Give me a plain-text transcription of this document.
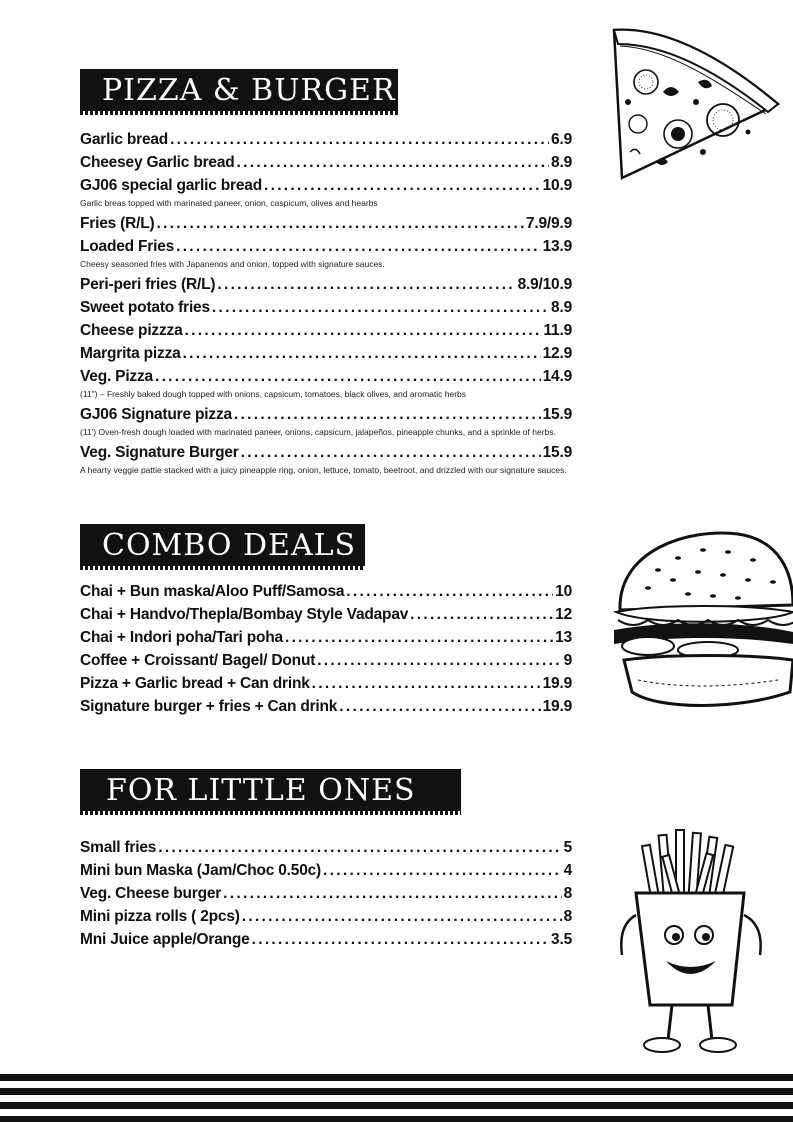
PIZZA & BURGER
Garlic bread . . .	6.9
Cheesey Garlic bread . . .	8.9
GJ06 special garlic bread . . .	10.9
Garlic breas topped with marinated paneer, onion, caspicum, olives and hearbs
Fries (R/L) . . .	7.9/9.9
Loaded Fries . . .	13.9
Cheesy seasoned fries with Japanenos and onion, topped with signature sauces.
Peri-peri fries (R/L) . . .	8.9/10.9
Sweet potato fries . . .	8.9
Cheese pizzza . . .	11.9
Margrita pizza . . .	12.9
Veg. Pizza . . .	14.9
(11") – Freshly baked dough topped with onions, capsicum, tomatoes, black olives, and aromatic herbs
GJ06 Signature pizza . . .	15.9
(11') Oven-fresh dough loaded with marinated paneer, onions, capsicum, jalapeños, pineapple chunks, and a sprinkle of herbs.
Veg. Signature Burger . . .	15.9
A hearty veggie pattie stacked with a juicy pineapple ring, onion, lettuce, tomato, beetroot, and drizzled with our signature sauces.
COMBO DEALS
Chai + Bun maska/Aloo Puff/Samosa . . .	10
Chai + Handvo/Thepla/Bombay Style Vadapav . . .	12
Chai + Indori poha/Tari poha . . .	13
Coffee + Croissant/ Bagel/ Donut . . .	9
Pizza + Garlic bread + Can drink . . .	19.9
Signature burger + fries + Can drink . . .	19.9
FOR LITTLE ONES
Small fries . . .	5
Mini bun Maska (Jam/Choc 0.50c) . . .	4
Veg. Cheese burger . . .	8
Mini pizza rolls ( 2pcs) . . .	8
Mni Juice apple/Orange . . .	3.5
